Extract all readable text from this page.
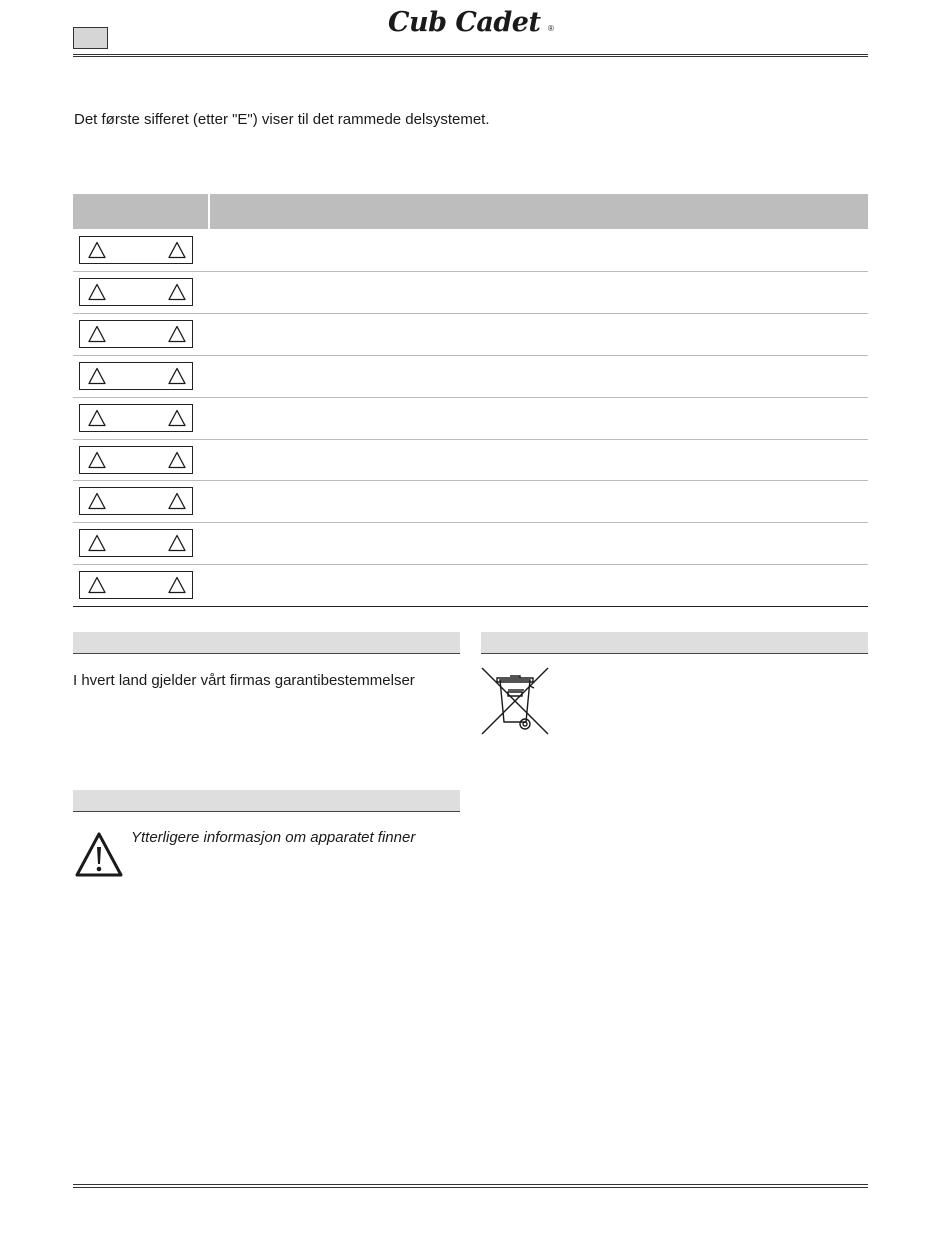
Cub Cadet ®
Det første sifferet (etter "E") viser til det rammede delsystemet.
I hvert land gjelder vårt firmas garantibestemmelser
Ytterligere informasjon om apparatet finner
